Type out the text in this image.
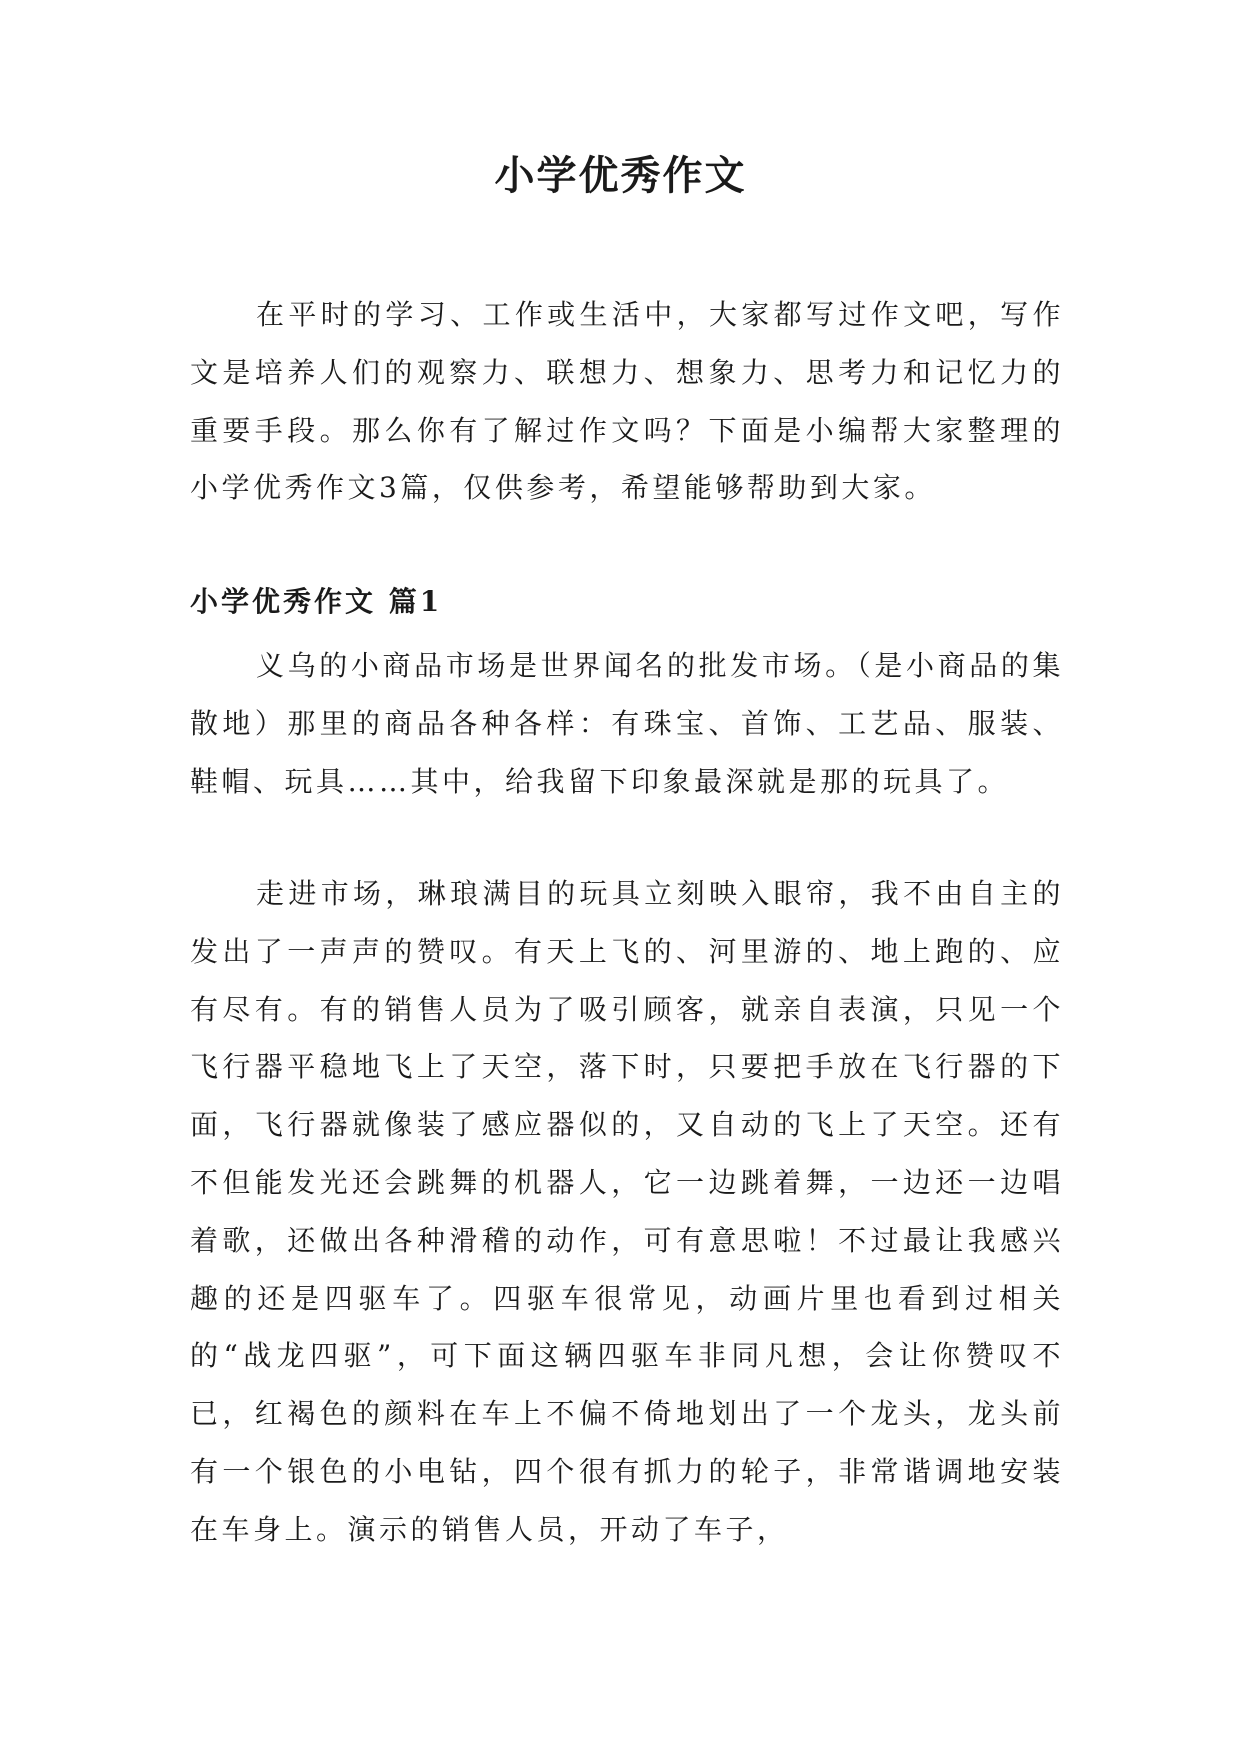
小学优秀作文

在平时的学习、工作或生活中，大家都写过作文吧，写作文是培养人们的观察力、联想力、想象力、思考力和记忆力的重要手段。那么你有了解过作文吗？下面是小编帮大家整理的小学优秀作文3篇，仅供参考，希望能够帮助到大家。

小学优秀作文 篇1

义乌的小商品市场是世界闻名的批发市场。（是小商品的集散地）那里的商品各种各样：有珠宝、首饰、工艺品、服装、鞋帽、玩具……其中，给我留下印象最深就是那的玩具了。

走进市场，琳琅满目的玩具立刻映入眼帘，我不由自主的发出了一声声的赞叹。有天上飞的、河里游的、地上跑的、应有尽有。有的销售人员为了吸引顾客，就亲自表演，只见一个飞行器平稳地飞上了天空，落下时，只要把手放在飞行器的下面，飞行器就像装了感应器似的，又自动的飞上了天空。还有不但能发光还会跳舞的机器人，它一边跳着舞，一边还一边唱着歌，还做出各种滑稽的动作，可有意思啦！不过最让我感兴趣的还是四驱车了。四驱车很常见，动画片里也看到过相关的“战龙四驱”，可下面这辆四驱车非同凡想，会让你赞叹不已，红褐色的颜料在车上不偏不倚地划出了一个龙头，龙头前有一个银色的小电钻，四个很有抓力的轮子，非常谐调地安装在车身上。演示的销售人员，开动了车子，
